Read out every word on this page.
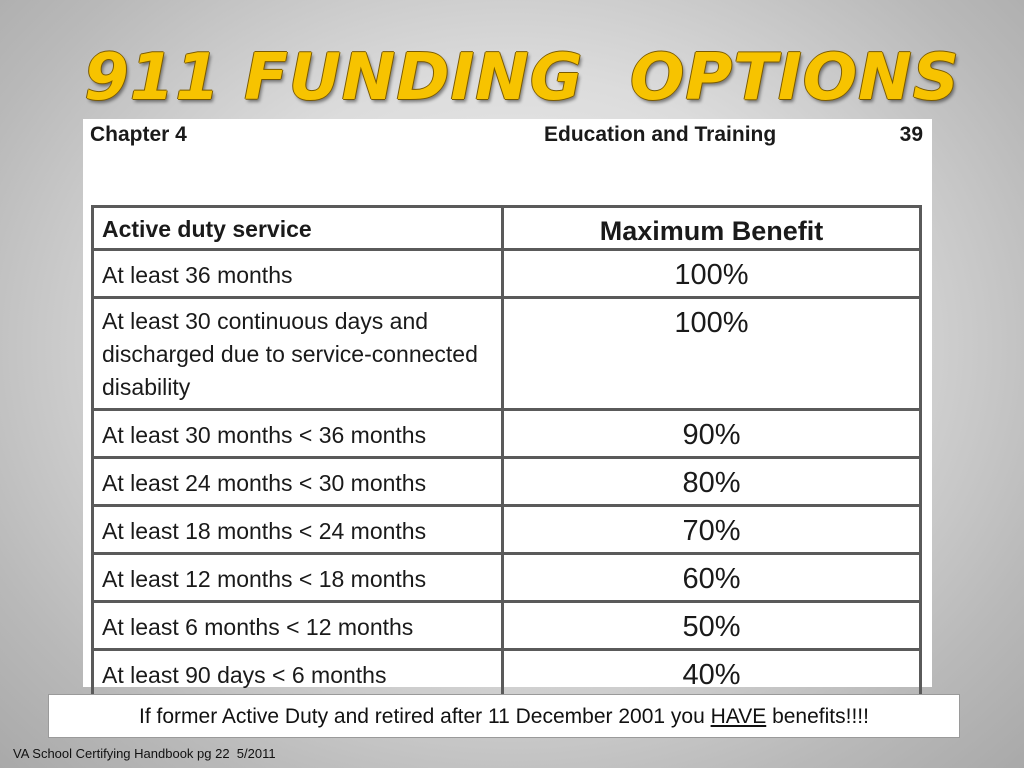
911 FUNDING  OPTIONS
Chapter 4	Education and Training	39
Active duty service	Maximum Benefit
At least 36 months	100%
At least 30 continuous days and discharged due to service-connected disability	100%
At least 30 months < 36 months	90%
At least 24 months < 30 months	80%
At least 18 months < 24 months	70%
At least 12 months < 18 months	60%
At least 6 months < 12 months	50%
At least 90 days < 6 months	40%
If former Active Duty and retired after 11 December 2001 you HAVE benefits!!!!
VA School Certifying Handbook pg 22  5/2011
